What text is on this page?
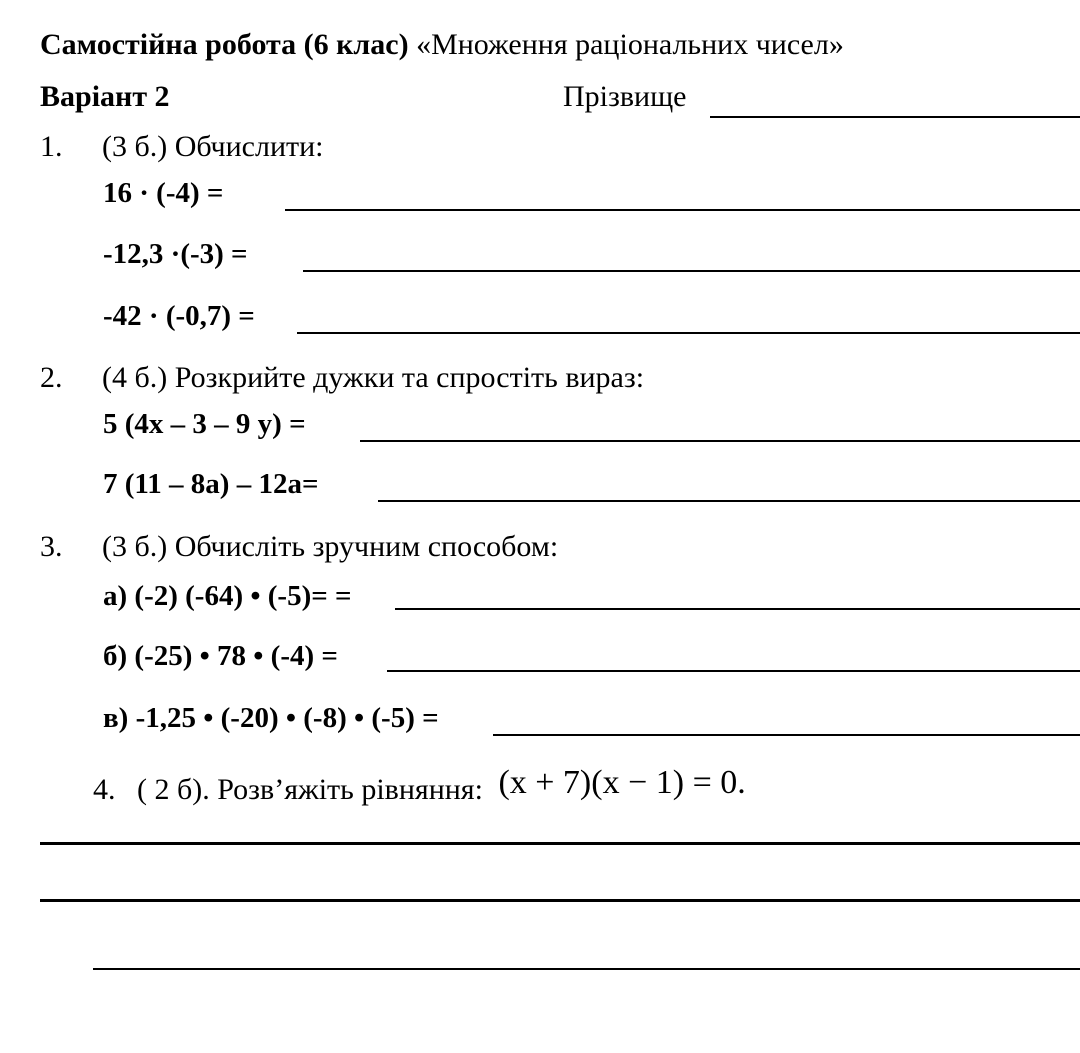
Самостійна робота (6 клас) «Множення раціональних чисел»
Варіант 2	Прізвище
1. (3 б.) Обчислити:
16 · (-4) =
-12,3 ·(-3) =
-42 · (-0,7) =
2. (4 б.) Розкрийте дужки та спростіть вираз:
5 (4х – 3 – 9 у) =
7 (11 – 8а) – 12а=
3. (3 б.) Обчисліть зручним способом:
а) (-2) (-64) • (-5)= =
б) (-25) • 78 • (-4) =
в) -1,25 • (-20) • (-8) • (-5) =
4. ( 2 б). Розв’яжіть рівняння: (x + 7)(x − 1) = 0.
